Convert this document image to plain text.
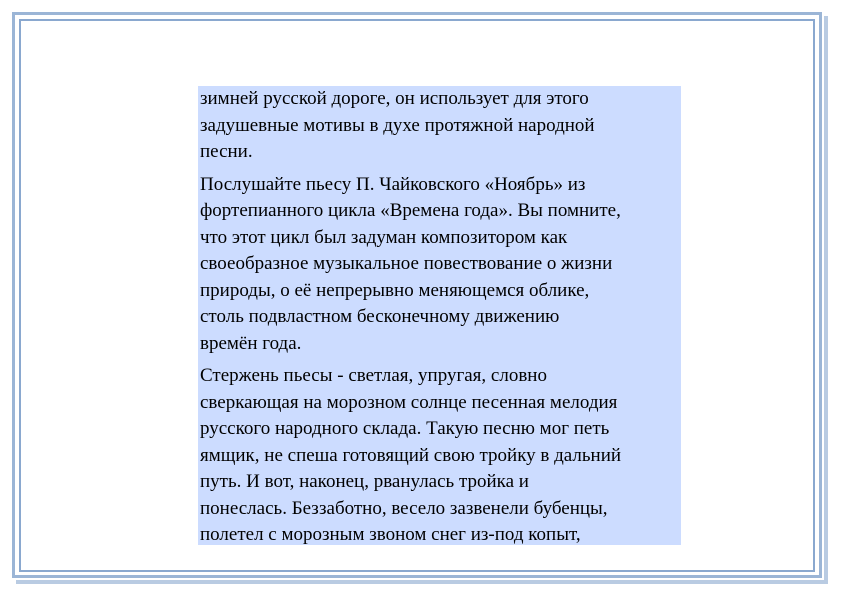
зимней русской дороге, он использует для этого
задушевные мотивы в духе протяжной народной
песни.

Послушайте пьесу П. Чайковского «Ноябрь» из
фортепианного цикла «Времена года». Вы помните,
что этот цикл был задуман композитором как
своеобразное музыкальное повествование о жизни
природы, о её непрерывно меняющемся облике,
столь подвластном бесконечному движению
времён года.

Стержень пьесы - светлая, упругая, словно
сверкающая на морозном солнце песенная мелодия
русского народного склада. Такую песню мог петь
ямщик, не спеша готовящий свою тройку в дальний
путь. И вот, наконец, рванулась тройка и
понеслась. Беззаботно, весело зазвенели бубенцы,
полетел с морозным звоном снег из-под копыт,
